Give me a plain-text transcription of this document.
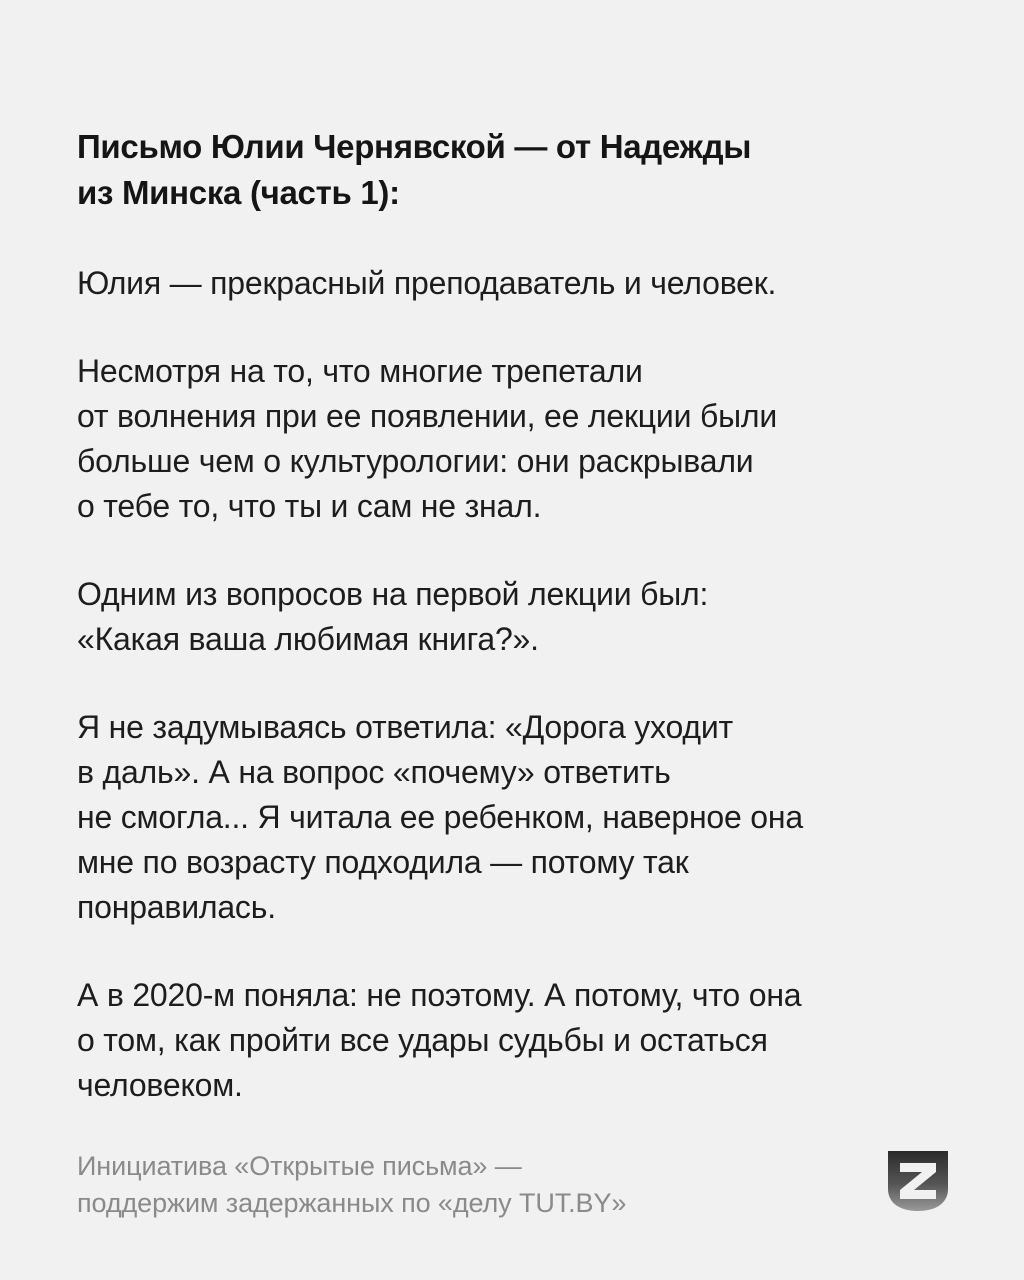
Письмо Юлии Чернявской — от Надежды
из Минска (часть 1):

Юлия — прекрасный преподаватель и человек.

Несмотря на то, что многие трепетали
от волнения при ее появлении, ее лекции были
больше чем о культурологии: они раскрывали
о тебе то, что ты и сам не знал.

Одним из вопросов на первой лекции был:
«Какая ваша любимая книга?».

Я не задумываясь ответила: «Дорога уходит
в даль». А на вопрос «почему» ответить
не смогла... Я читала ее ребенком, наверное она
мне по возрасту подходила — потому так
понравилась.

А в 2020-м поняла: не поэтому. А потому, что она
о том, как пройти все удары судьбы и остаться
человеком.

Инициатива «Открытые письма» —
поддержим задержанных по «делу TUT.BY»
